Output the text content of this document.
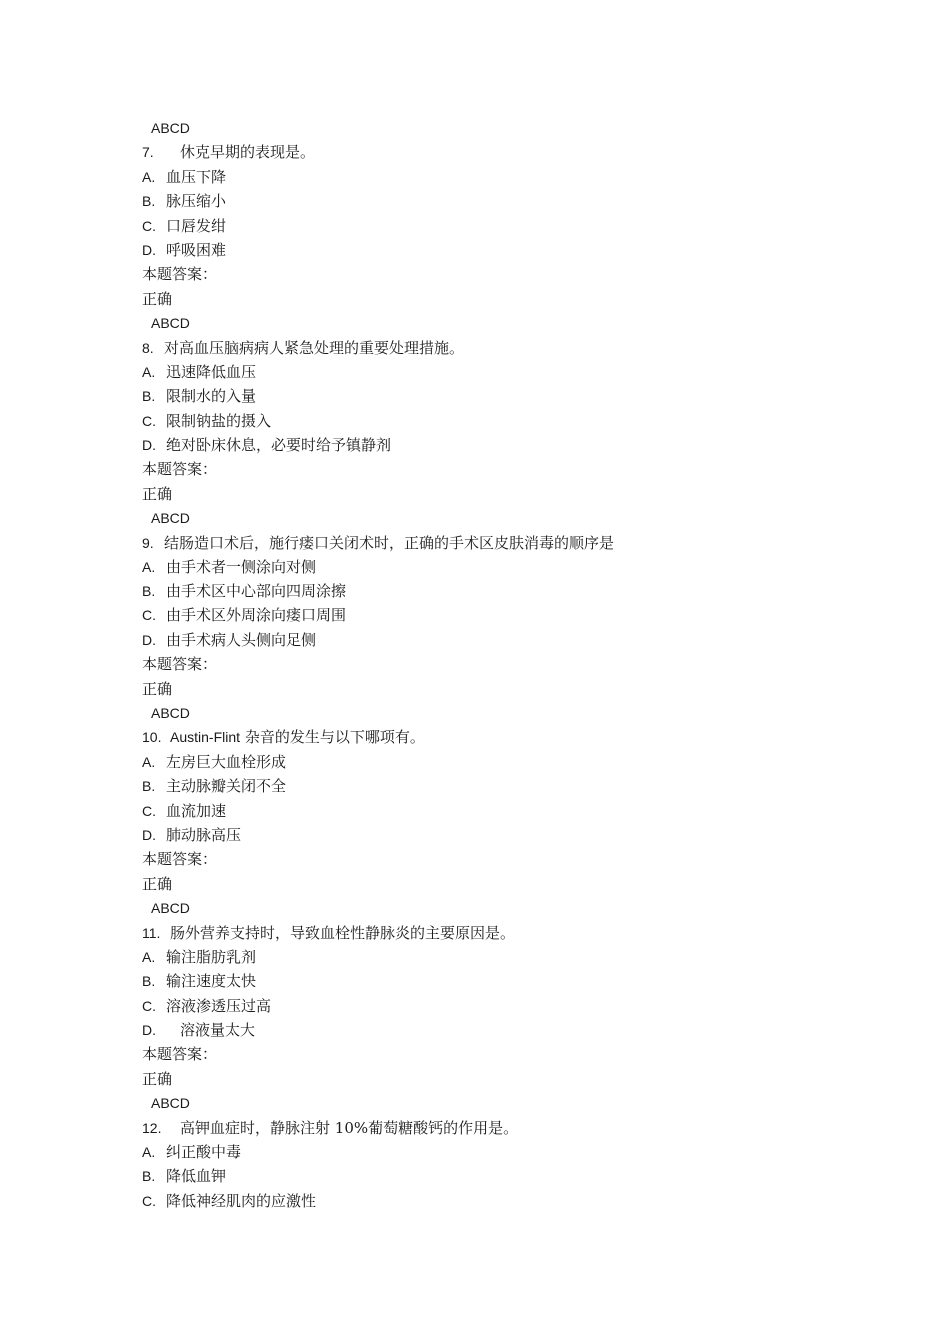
ABCD
7. 休克早期的表现是。
A. 血压下降
B. 脉压缩小
C. 口唇发绀
D. 呼吸困难
本题答案：
正确
ABCD
8. 对高血压脑病病人紧急处理的重要处理措施。
A. 迅速降低血压
B. 限制水的入量
C. 限制钠盐的摄入
D. 绝对卧床休息，必要时给予镇静剂
本题答案：
正确
ABCD
9. 结肠造口术后，施行瘘口关闭术时，正确的手术区皮肤消毒的顺序是
A. 由手术者一侧涂向对侧
B. 由手术区中心部向四周涂擦
C. 由手术区外周涂向瘘口周围
D. 由手术病人头侧向足侧
本题答案：
正确
ABCD
10. Austin-Flint 杂音的发生与以下哪项有。
A. 左房巨大血栓形成
B. 主动脉瓣关闭不全
C. 血流加速
D. 肺动脉高压
本题答案：
正确
ABCD
11. 肠外营养支持时，导致血栓性静脉炎的主要原因是。
A. 输注脂肪乳剂
B. 输注速度太快
C. 溶液渗透压过高
D. 溶液量太大
本题答案：
正确
ABCD
12. 高钾血症时，静脉注射 10%葡萄糖酸钙的作用是。
A. 纠正酸中毒
B. 降低血钾
C. 降低神经肌肉的应激性
